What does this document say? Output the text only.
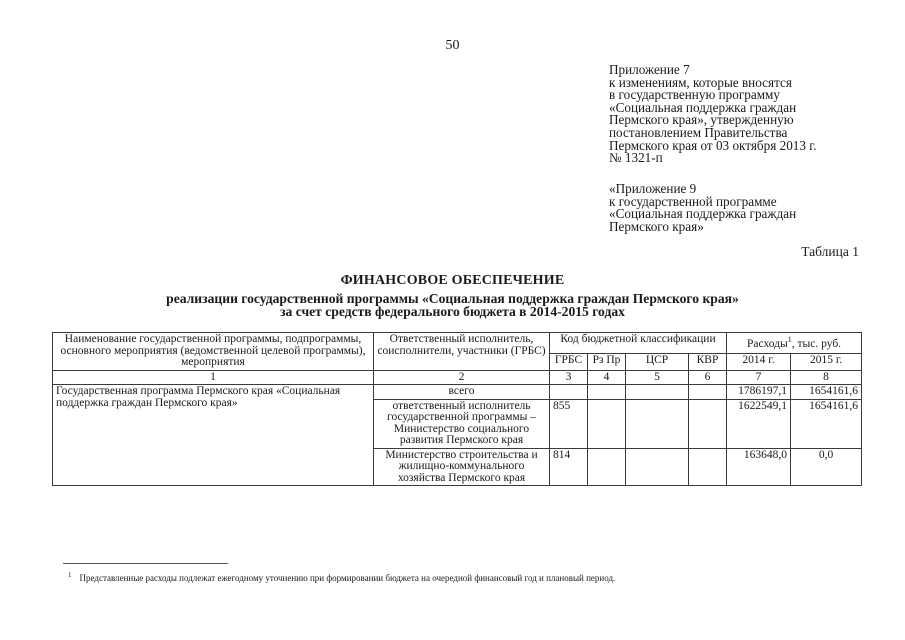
50
Приложение 7
к изменениям, которые вносятся
в государственную программу
«Социальная поддержка граждан
Пермского края», утвержденную
постановлением Правительства
Пермского края от 03 октября 2013 г.
№ 1321-п
«Приложение 9
к государственной программе
«Социальная поддержка граждан
Пермского края»
Таблица 1
ФИНАНСОВОЕ ОБЕСПЕЧЕНИЕ
реализации государственной программы «Социальная поддержка граждан Пермского края»
за счет средств федерального бюджета в 2014-2015 годах
Наименование государственной программы, подпрограммы, основного мероприятия (ведомственной целевой программы), мероприятия	Ответственный исполнитель, соисполнители, участники (ГРБС)	Код бюджетной классификации				Расходы$^1$, тыс. руб.	
		ГРБС	Рз Пр	ЦСР	КВР	2014 г.	2015 г.
1	2	3	4	5	6	7	8
Государственная программа Пермского края «Социальная поддержка граждан Пермского края»	всего					1786197,1	1654161,6
	ответственный исполнитель государственной программы – Министерство социального развития Пермского края	855				1622549,1	1654161,6
	Министерство строительства и жилищно-коммунального хозяйства Пермского края	814				163648,0	0,0
$^1$ Представленные расходы подлежат ежегодному уточнению при формировании бюджета на очередной финансовый год и плановый период.
